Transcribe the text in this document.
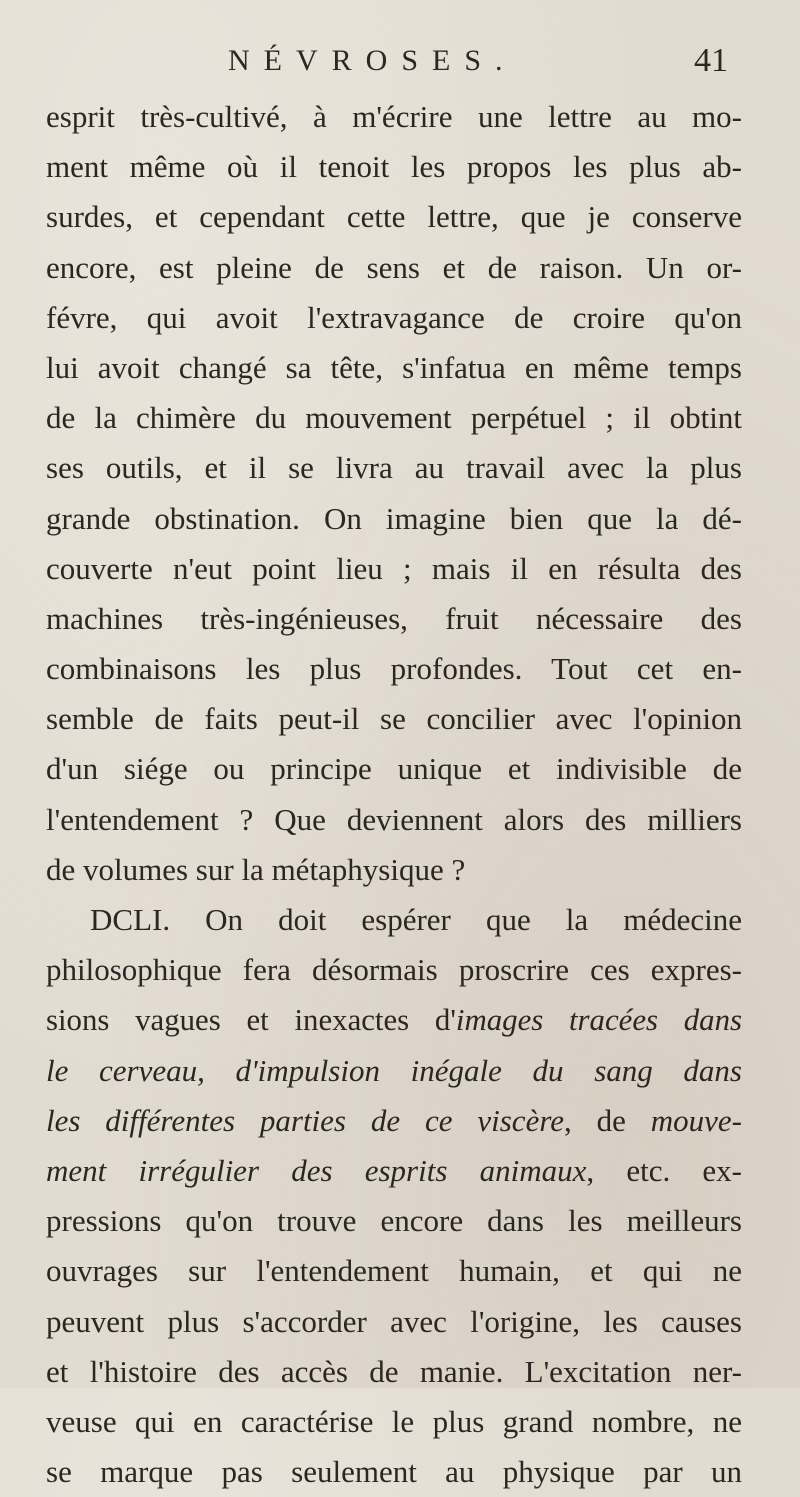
NÉVROSES.	41
esprit très-cultivé, à m'écrire une lettre au mo-
ment même où il tenoit les propos les plus ab-
surdes, et cependant cette lettre, que je conserve
encore, est pleine de sens et de raison. Un or-
févre, qui avoit l'extravagance de croire qu'on
lui avoit changé sa tête, s'infatua en même temps
de la chimère du mouvement perpétuel ; il obtint
ses outils, et il se livra au travail avec la plus
grande obstination. On imagine bien que la dé-
couverte n'eut point lieu ; mais il en résulta des
machines très-ingénieuses, fruit nécessaire des
combinaisons les plus profondes. Tout cet en-
semble de faits peut-il se concilier avec l'opinion
d'un siége ou principe unique et indivisible de
l'entendement ? Que deviennent alors des milliers
de volumes sur la métaphysique ?
DCLI. On doit espérer que la médecine
philosophique fera désormais proscrire ces expres-
sions vagues et inexactes d'images tracées dans
le cerveau, d'impulsion inégale du sang dans
les différentes parties de ce viscère, de mouve-
ment irrégulier des esprits animaux, etc. ex-
pressions qu'on trouve encore dans les meilleurs
ouvrages sur l'entendement humain, et qui ne
peuvent plus s'accorder avec l'origine, les causes
et l'histoire des accès de manie. L'excitation ner-
veuse qui en caractérise le plus grand nombre, ne
se marque pas seulement au physique par un
